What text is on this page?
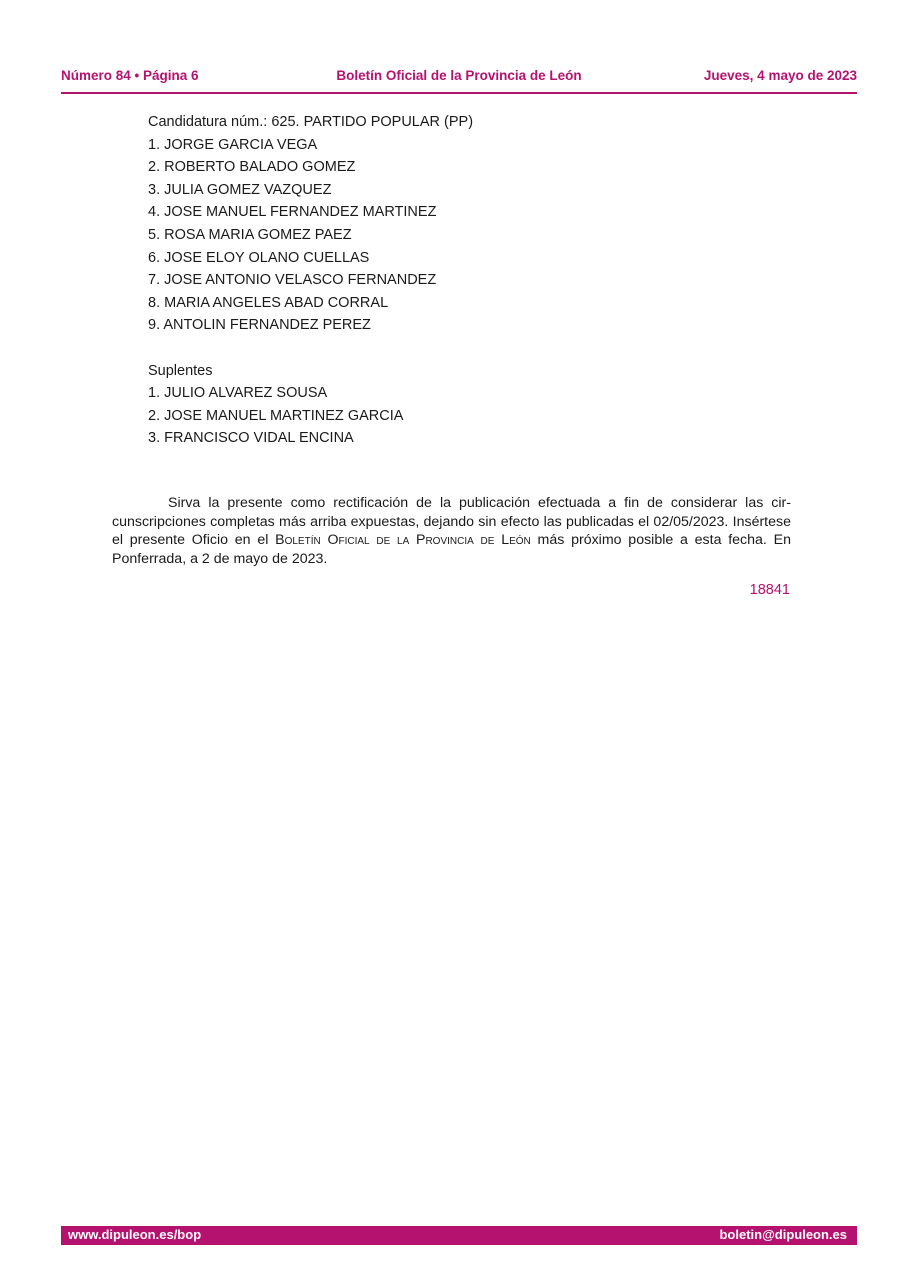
Número 84 • Página 6	Boletín Oficial de la Provincia de León	Jueves, 4 mayo de 2023
Candidatura núm.: 625. PARTIDO POPULAR (PP)
1. JORGE GARCIA VEGA
2. ROBERTO BALADO GOMEZ
3. JULIA GOMEZ VAZQUEZ
4. JOSE MANUEL FERNANDEZ MARTINEZ
5. ROSA MARIA GOMEZ PAEZ
6. JOSE ELOY OLANO CUELLAS
7. JOSE ANTONIO VELASCO FERNANDEZ
8. MARIA ANGELES ABAD CORRAL
9. ANTOLIN FERNANDEZ PEREZ
Suplentes
1. JULIO ALVAREZ SOUSA
2. JOSE MANUEL MARTINEZ GARCIA
3. FRANCISCO VIDAL ENCINA
Sirva la presente como rectificación de la publicación efectuada a fin de considerar las cir-cunscripciones completas más arriba expuestas, dejando sin efecto las publicadas el 02/05/2023. Insértese el presente Oficio en el Boletín Oficial de la Provincia de León más próximo posible a esta fecha. En Ponferrada, a 2 de mayo de 2023.
18841
www.dipuleon.es/bop	boletin@dipuleon.es
